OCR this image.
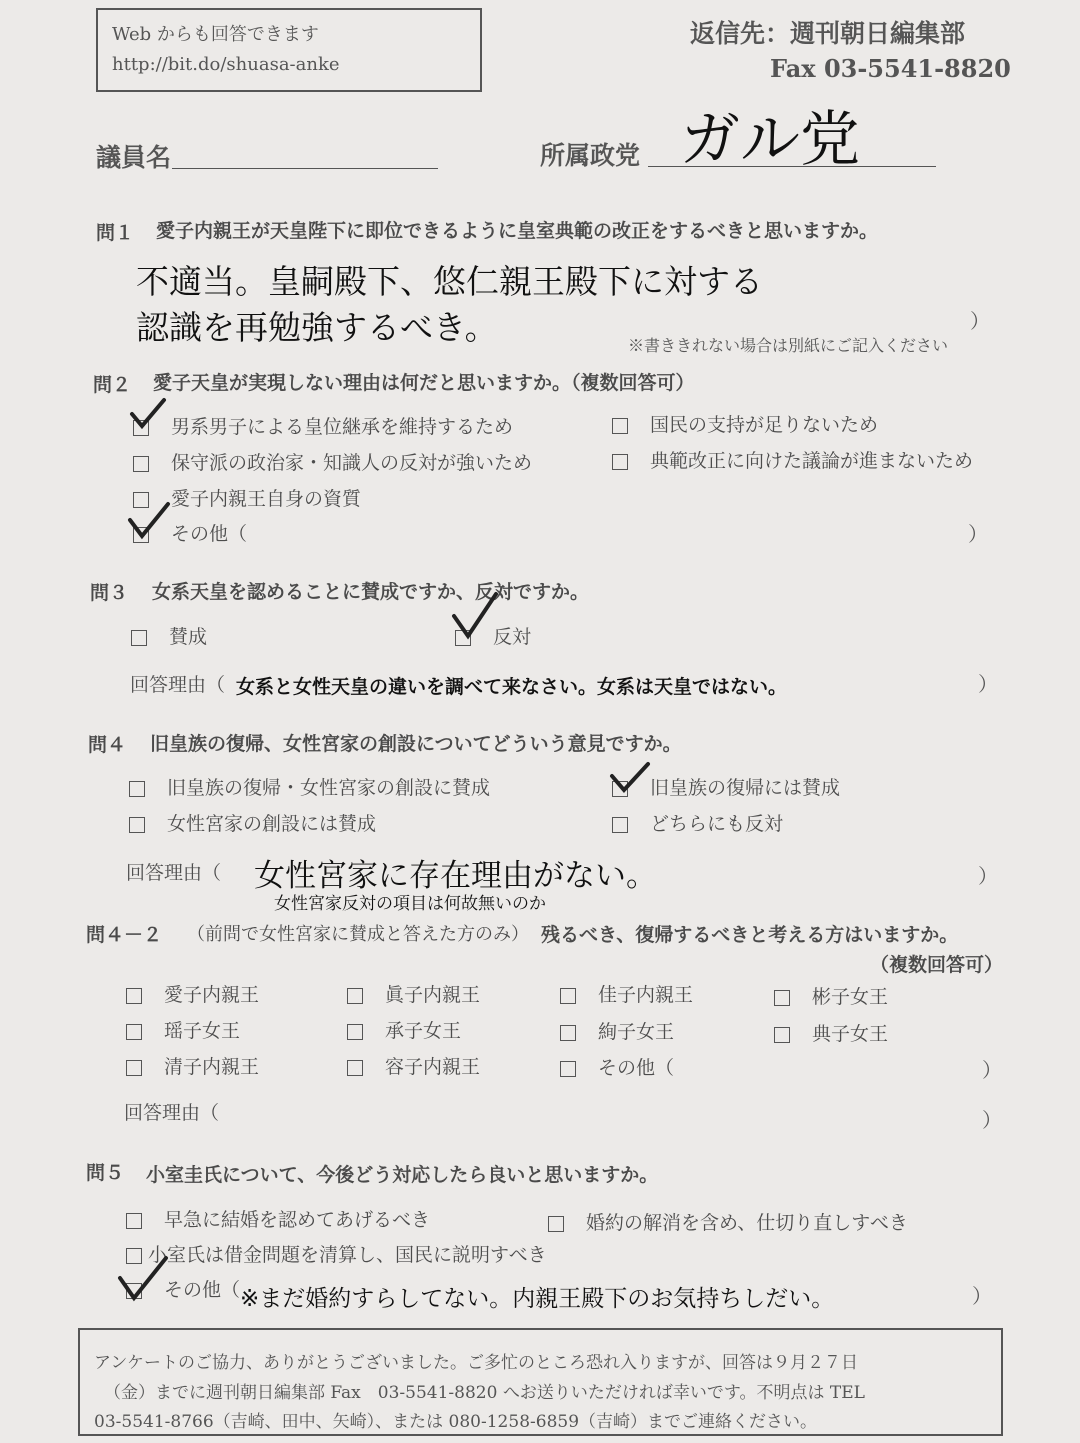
Web からも回答できます
http://bit.do/shuasa-anke
返信先：週刊朝日編集部
Fax 03-5541-8820
議員名	所属政党 ガル党
問１ 愛子内親王が天皇陛下に即位できるように皇室典範の改正をするべきと思いますか。
不適当。皇嗣殿下、悠仁親王殿下に対する
認識を再勉強するべき。	）
※書ききれない場合は別紙にご記入ください
問２ 愛子天皇が実現しない理由は何だと思いますか。（複数回答可）
男系男子による皇位継承を維持するため	国民の支持が足りないため
保守派の政治家・知識人の反対が強いため	典範改正に向けた議論が進まないため
愛子内親王自身の資質
その他（	）
問３ 女系天皇を認めることに賛成ですか、反対ですか。
賛成	反対
回答理由（ 女系と女性天皇の違いを調べて来なさい。女系は天皇ではない。	）
問４ 旧皇族の復帰、女性宮家の創設についてどういう意見ですか。
旧皇族の復帰・女性宮家の創設に賛成	旧皇族の復帰には賛成
女性宮家の創設には賛成	どちらにも反対
回答理由（ 女性宮家に存在理由がない。	）
女性宮家反対の項目は何故無いのか
問４－２ （前問で女性宮家に賛成と答えた方のみ） 残るべき、復帰するべきと考える方はいますか。
（複数回答可）
愛子内親王	眞子内親王	佳子内親王	彬子女王
瑶子女王	承子女王	絢子女王	典子女王
清子内親王	容子内親王	その他（	）
回答理由（	）
問５ 小室圭氏について、今後どう対応したら良いと思いますか。
早急に結婚を認めてあげるべき	婚約の解消を含め、仕切り直しすべき
小室氏は借金問題を清算し、国民に説明すべき
その他（ ※まだ婚約すらしてない。内親王殿下のお気持ちしだい。	）
アンケートのご協力、ありがとうございました。ご多忙のところ恐れ入りますが、回答は９月２７日
（金）までに週刊朝日編集部 Fax　03-5541-8820 へお送りいただければ幸いです。不明点は TEL
03-5541-8766（吉崎、田中、矢崎）、または 080-1258-6859（吉崎）までご連絡ください。
